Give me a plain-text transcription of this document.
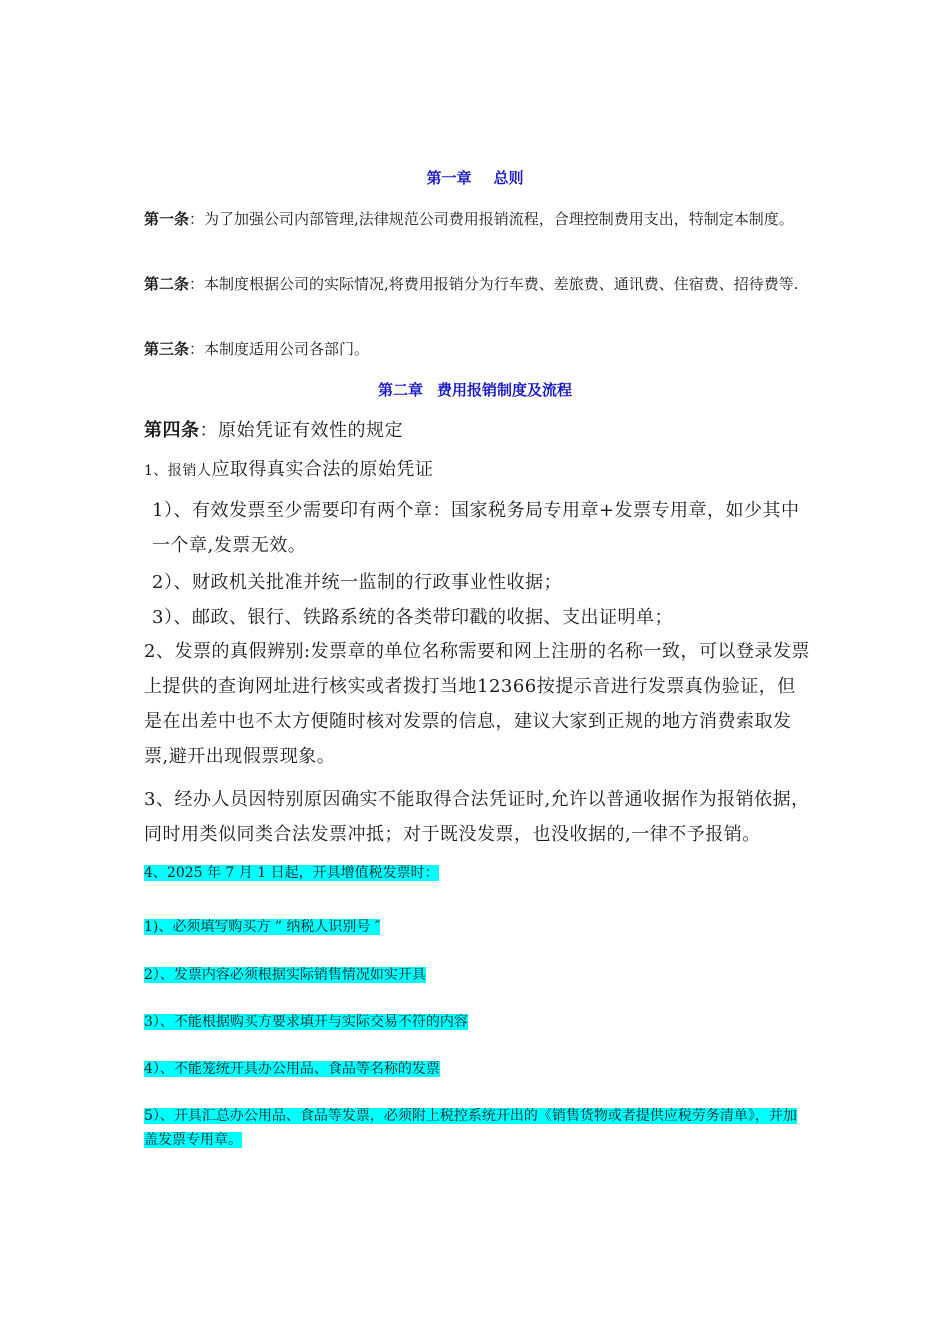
第一章 总则
第一条：为了加强公司内部管理,法律规范公司费用报销流程，合理控制费用支出，特制定本制度。
第二条：本制度根据公司的实际情况,将费用报销分为行车费、差旅费、通讯费、住宿费、招待费等.
第三条：本制度适用公司各部门。
第二章 费用报销制度及流程
第四条：原始凭证有效性的规定
1、报销人应取得真实合法的原始凭证
1）、有效发票至少需要印有两个章：国家税务局专用章+发票专用章，如少其中一个章,发票无效。
2）、财政机关批准并统一监制的行政事业性收据；
3）、邮政、银行、铁路系统的各类带印戳的收据、支出证明单；
2、发票的真假辨别:发票章的单位名称需要和网上注册的名称一致，可以登录发票上提供的查询网址进行核实或者拨打当地12366按提示音进行发票真伪验证，但是在出差中也不太方便随时核对发票的信息，建议大家到正规的地方消费索取发票,避开出现假票现象。
3、经办人员因特别原因确实不能取得合法凭证时,允许以普通收据作为报销依据，同时用类似同类合法发票冲抵；对于既没发票，也没收据的,一律不予报销。
4、2025 年 7 月 1 日起，开具增值税发票时：
1)、必须填写购买方 ” 纳税人识别号 ″
2）、发票内容必须根据实际销售情况如实开具
3）、不能根据购买方要求填开与实际交易不符的内容
4）、不能笼统开具办公用品、食品等名称的发票
5）、开具汇总办公用品、食品等发票，必须附上税控系统开出的《销售货物或者提供应税劳务清单》，并加盖发票专用章。
